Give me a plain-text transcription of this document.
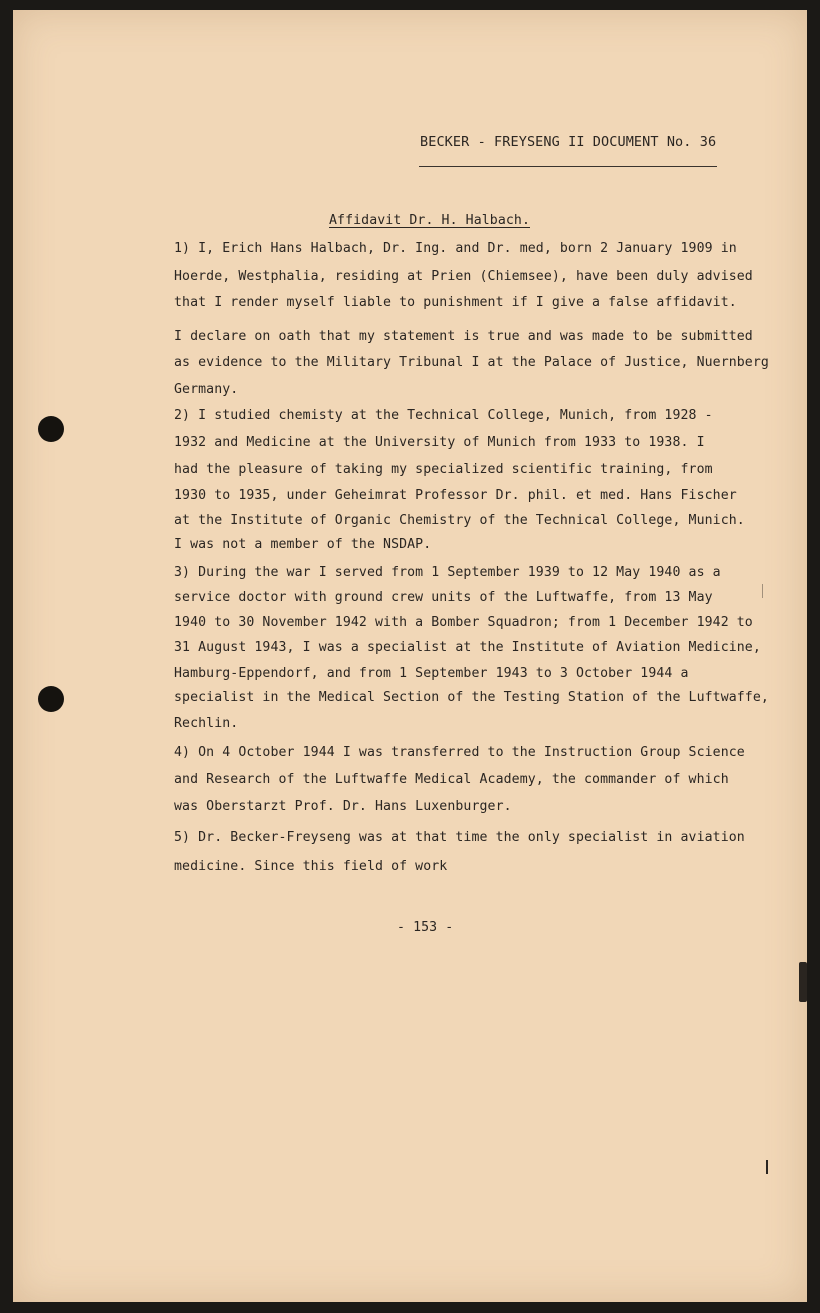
BECKER - FREYSENG II DOCUMENT No. 36
Affidavit Dr. H. Halbach.
1) I, Erich Hans Halbach, Dr. Ing. and Dr. med, born 2 January 1909 in
Hoerde, Westphalia, residing at Prien (Chiemsee), have been duly advised
that I render myself liable to punishment if I give a false affidavit.
I declare on oath that my statement is true and was made to be submitted
as evidence to the Military Tribunal I at the Palace of Justice, Nuernberg
Germany.
2) I studied chemisty at the Technical College, Munich, from 1928 -
1932 and Medicine at the University of Munich from 1933 to 1938. I
had the pleasure of taking my specialized scientific training, from
1930 to 1935, under Geheimrat Professor Dr. phil. et med. Hans Fischer
at the Institute of Organic Chemistry of the Technical College, Munich.
I was not a member of the NSDAP.
3) During the war I served from 1 September 1939 to 12 May 1940 as a
service doctor with ground crew units of the Luftwaffe, from 13 May
1940 to 30 November 1942 with a Bomber Squadron; from 1 December 1942 to
31 August 1943, I was a specialist at the Institute of Aviation Medicine,
Hamburg-Eppendorf, and from 1 September 1943 to 3 October 1944 a
specialist in the Medical Section of the Testing Station of the Luftwaffe,
Rechlin.
4) On 4 October 1944 I was transferred to the Instruction Group Science
and Research of the Luftwaffe Medical Academy, the commander of which
was Oberstarzt Prof. Dr. Hans Luxenburger.
5) Dr. Becker-Freyseng was at that time the only specialist in aviation
medicine. Since this field of work
- 153 -
